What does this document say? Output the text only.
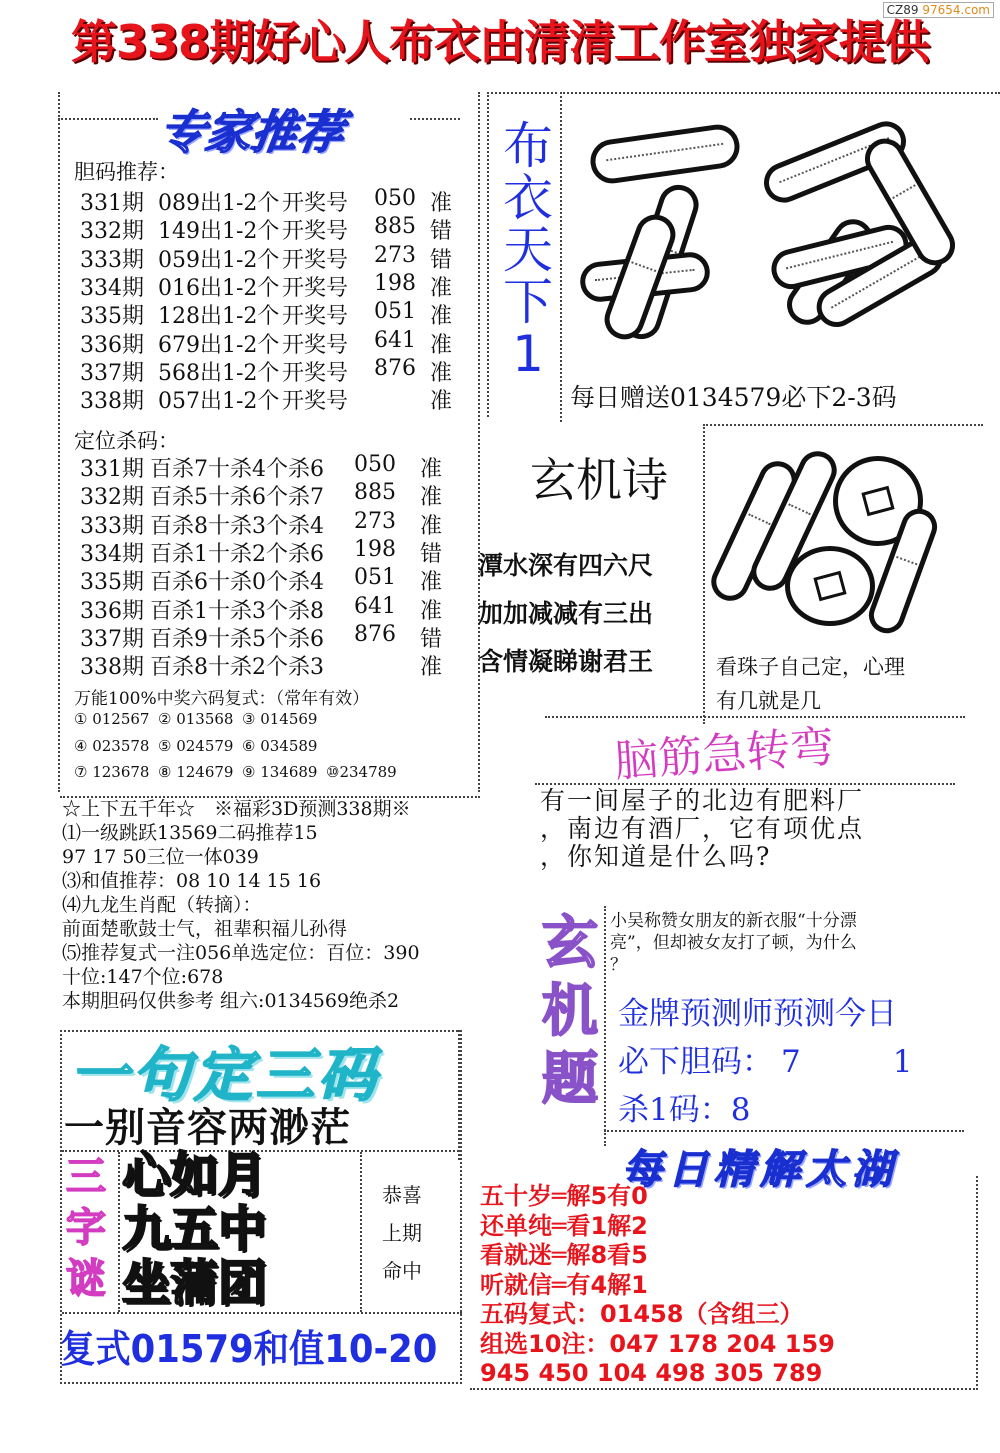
第338期好心人布衣由清清工作室独家提供
CZ89 97654.com
专家推荐
胆码推荐：
331期 089出1-2个 开奖号 050 准
332期 149出1-2个 开奖号 885 错
333期 059出1-2个 开奖号 273 错
334期 016出1-2个 开奖号 198 准
335期 128出1-2个 开奖号 051 准
336期 679出1-2个 开奖号 641 准
337期 568出1-2个 开奖号 876 准
338期 057出1-2个 开奖号	准
定位杀码：
331期 百杀7十杀4个杀6 050 准
332期 百杀5十杀6个杀7 885 准
333期 百杀8十杀3个杀4 273 准
334期 百杀1十杀2个杀6 198 错
335期 百杀6十杀0个杀4 051 准
336期 百杀1十杀3个杀8 641 准
337期 百杀9十杀5个杀6 876 错
338期 百杀8十杀2个杀3	准
万能100%中奖六码复式：（常年有效）
① 012567 ② 013568 ③ 014569
④ 023578 ⑤ 024579 ⑥ 034589
⑦ 123678 ⑧ 124679 ⑨ 134689 ⑩234789
☆上下五千年☆　※福彩3D预测338期※
⑴一级跳跃13569二码推荐15
97 17 50三位一体039
⑶和值推荐：08 10 14 15 16
⑷九龙生肖配（转摘）：
前面楚歌鼓士气，祖辈积福儿孙得
⑸推荐复式一注056单选定位：百位：390
十位:147个位:678
本期胆码仅供参考 组六:0134569绝杀2
一句定三码
一别音容两渺茫
三
字
谜
心如月
九五中
坐蒲团
恭喜
上期
命中
复式01579和值10-20
布
衣
天
下
1
每日赠送0134579必下2-3码
玄机诗
潭水深有四六尺
加加减减有三出
含情凝睇谢君王	看珠子自己定，心理
有几就是几
脑筋急转弯
有一间屋子的北边有肥料厂
，南边有酒厂，它有项优点
，你知道是什么吗?
玄
机
题
小吴称赞女朋友的新衣服“十分漂
亮”，但却被女友打了顿，为什么
？
金牌预测师预测今日
必下胆码： 7	1
杀1码：8
每日精解太湖
五十岁═解5有0
还单纯═看1解2
看就迷═解8看5
听就信═有4解1
五码复式：01458（含组三）
组选10注：047 178 204 159
945 450 104 498 305 789
